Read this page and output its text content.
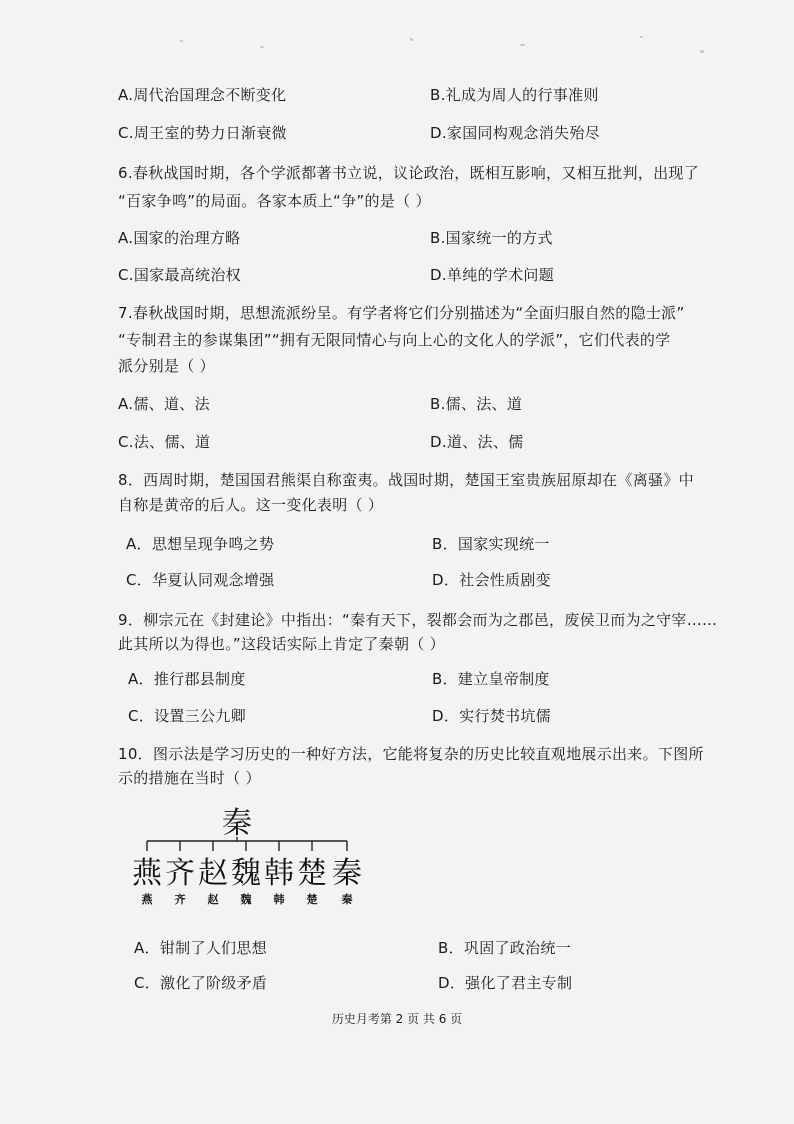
A.周代治国理念不断变化	B.礼成为周人的行事准则
C.周王室的势力日渐衰微	D.家国同构观念消失殆尽
6.春秋战国时期，各个学派都著书立说，议论政治，既相互影响，又相互批判，出现了
“百家争鸣”的局面。各家本质上“争”的是（ ）
A.国家的治理方略	B.国家统一的方式
C.国家最高统治权	D.单纯的学术问题
7.春秋战国时期，思想流派纷呈。有学者将它们分别描述为“全面归服自然的隐士派”
“专制君主的参谋集团”“拥有无限同情心与向上心的文化人的学派”，它们代表的学
派分别是（ ）
A.儒、道、法	B.儒、法、道
C.法、儒、道	D.道、法、儒
8．西周时期，楚国国君熊渠自称蛮夷。战国时期，楚国王室贵族屈原却在《离骚》中
自称是黄帝的后人。这一变化表明（ ）
A．思想呈现争鸣之势	B．国家实现统一
C．华夏认同观念增强	D．社会性质剧变
9．柳宗元在《封建论》中指出：“秦有天下，裂都会而为之郡邑，废侯卫而为之守宰……
此其所以为得也。”这段话实际上肯定了秦朝（ ）
A．推行郡县制度	B．建立皇帝制度
C．设置三公九卿	D．实行焚书坑儒
10．图示法是学习历史的一种好方法，它能将复杂的历史比较直观地展示出来。下图所
示的措施在当时（ ）
秦
燕 齐 赵 魏 韩 楚 秦
燕 齐 赵 魏 韩 楚 秦
A．钳制了人们思想	B．巩固了政治统一
C．激化了阶级矛盾	D．强化了君主专制
历史月考第 2 页 共 6 页
